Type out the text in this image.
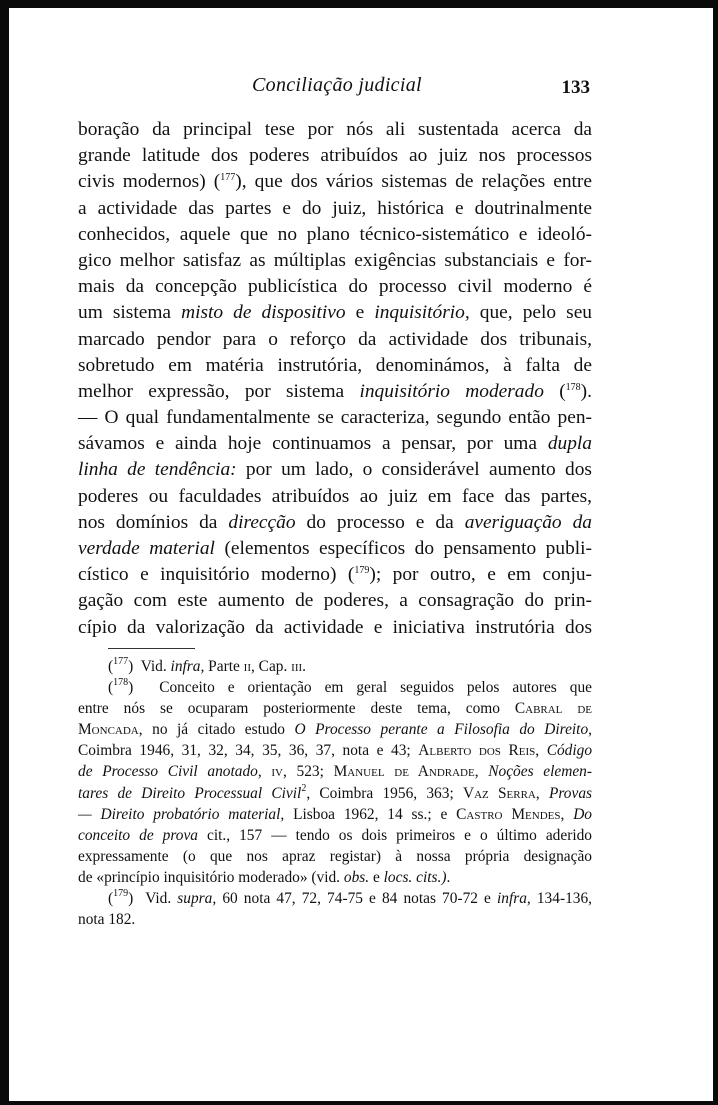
Conciliação judicial	133
boração da principal tese por nós ali sustentada acerca da
grande latitude dos poderes atribuídos ao juiz nos processos
civis modernos) ($^{177}$), que dos vários sistemas de relações entre
a actividade das partes e do juiz, histórica e doutrinalmente
conhecidos, aquele que no plano técnico-sistemático e ideoló-
gico melhor satisfaz as múltiplas exigências substanciais e for-
mais da concepção publicística do processo civil moderno é
um sistema misto de dispositivo e inquisitório, que, pelo seu
marcado pendor para o reforço da actividade dos tribunais,
sobretudo em matéria instrutória, denominámos, à falta de
melhor expressão, por sistema inquisitório moderado ($^{178}$).
— O qual fundamentalmente se caracteriza, segundo então pen-
sávamos e ainda hoje continuamos a pensar, por uma dupla
linha de tendência: por um lado, o considerável aumento dos
poderes ou faculdades atribuídos ao juiz em face das partes,
nos domínios da direcção do processo e da averiguação da
verdade material (elementos específicos do pensamento publi-
cístico e inquisitório moderno) ($^{179}$); por outro, e em conju-
gação com este aumento de poderes, a consagração do prin-
cípio da valorização da actividade e iniciativa instrutória dos
($^{177}$)  Vid. infra, Parte ii, Cap. iii.
($^{178}$)  Conceito e orientação em geral seguidos pelos autores que
entre nós se ocuparam posteriormente deste tema, como Cabral de
Moncada, no já citado estudo O Processo perante a Filosofia do Direito,
Coimbra 1946, 31, 32, 34, 35, 36, 37, nota e 43; Alberto dos Reis, Código
de Processo Civil anotado, iv, 523; Manuel de Andrade, Noções elemen-
tares de Direito Processual Civil$^2$, Coimbra 1956, 363; Vaz Serra, Provas
— Direito probatório material, Lisboa 1962, 14 ss.; e Castro Mendes, Do
conceito de prova cit., 157 — tendo os dois primeiros e o último aderido
expressamente (o que nos apraz registar) à nossa própria designação
de «princípio inquisitório moderado» (vid. obs. e locs. cits.).
($^{179}$)  Vid. supra, 60 nota 47, 72, 74-75 e 84 notas 70-72 e infra, 134-136,
nota 182.
